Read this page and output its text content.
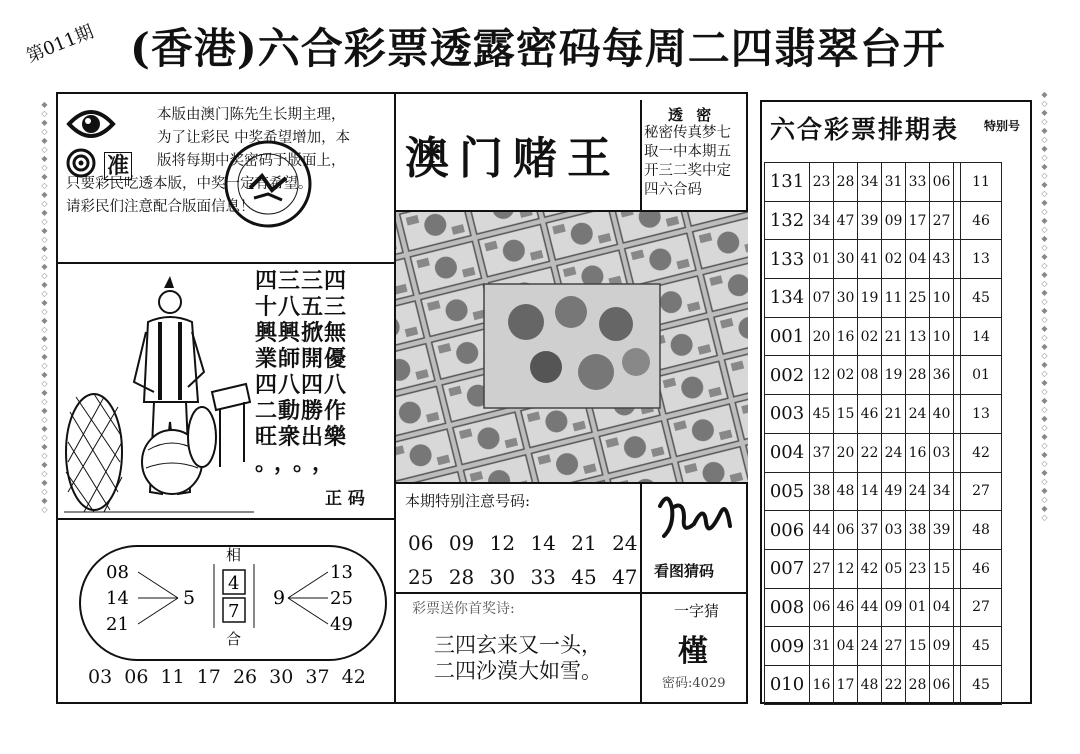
第011期 (香港)六合彩票透露密码每周二四翡翠台开
准
本版由澳门陈先生长期主理，
为了让彩民 中奖希望增加，本
版将每期中奖密码于版面上，
只要彩民吃透本版，中奖一定有希望。
请彩民们注意配合版面信息！
四三三四
十八五三
興興掀無
業師開優
四八四八
二動勝作
旺衆出樂
。，。，
正 码
相
合
4
7
5	9
08
14
21
13
25
49
03 06 11 17 26 30 37 42
澳门赌王
透 密
秘密传真梦七
取一中本期五
开三二奖中定
四六合码
本期特别注意号码:
06 09 12 14 21 24
25 28 30 33 45 47 看图猜码
彩票送你首奖诗:
三四玄来又一头，
二四沙漠大如雪。
一字猜
槿
密码:4029
六合彩票排期表 特别号
131	23	28	34	31	33	06		11
132	34	47	39	09	17	27		46
133	01	30	41	02	04	43		13
134	07	30	19	11	25	10		45
001	20	16	02	21	13	10		14
002	12	02	08	19	28	36		01
003	45	15	46	21	24	40		13
004	37	20	22	24	16	03		42
005	38	48	14	49	24	34		27
006	44	06	37	03	38	39		48
007	27	12	42	05	23	15		46
008	06	46	44	09	01	04		27
009	31	04	24	27	15	09		45
010	16	17	48	22	28	06		45
◆◇◆◇◆◇◆◇◆◇◆◇◆◇◆◇◆◇◆◇◆◇◆◇◆◇◆◇◆◇◆◇◆◇◆◇◆◇◆◇◆◇◆◇◆◇◆◇
◆◇◆◇◆◇◆◇◆◇◆◇◆◇◆◇◆◇◆◇◆◇◆◇◆◇◆◇◆◇◆◇◆◇◆◇◆◇◆◇◆◇◆◇◆◇
